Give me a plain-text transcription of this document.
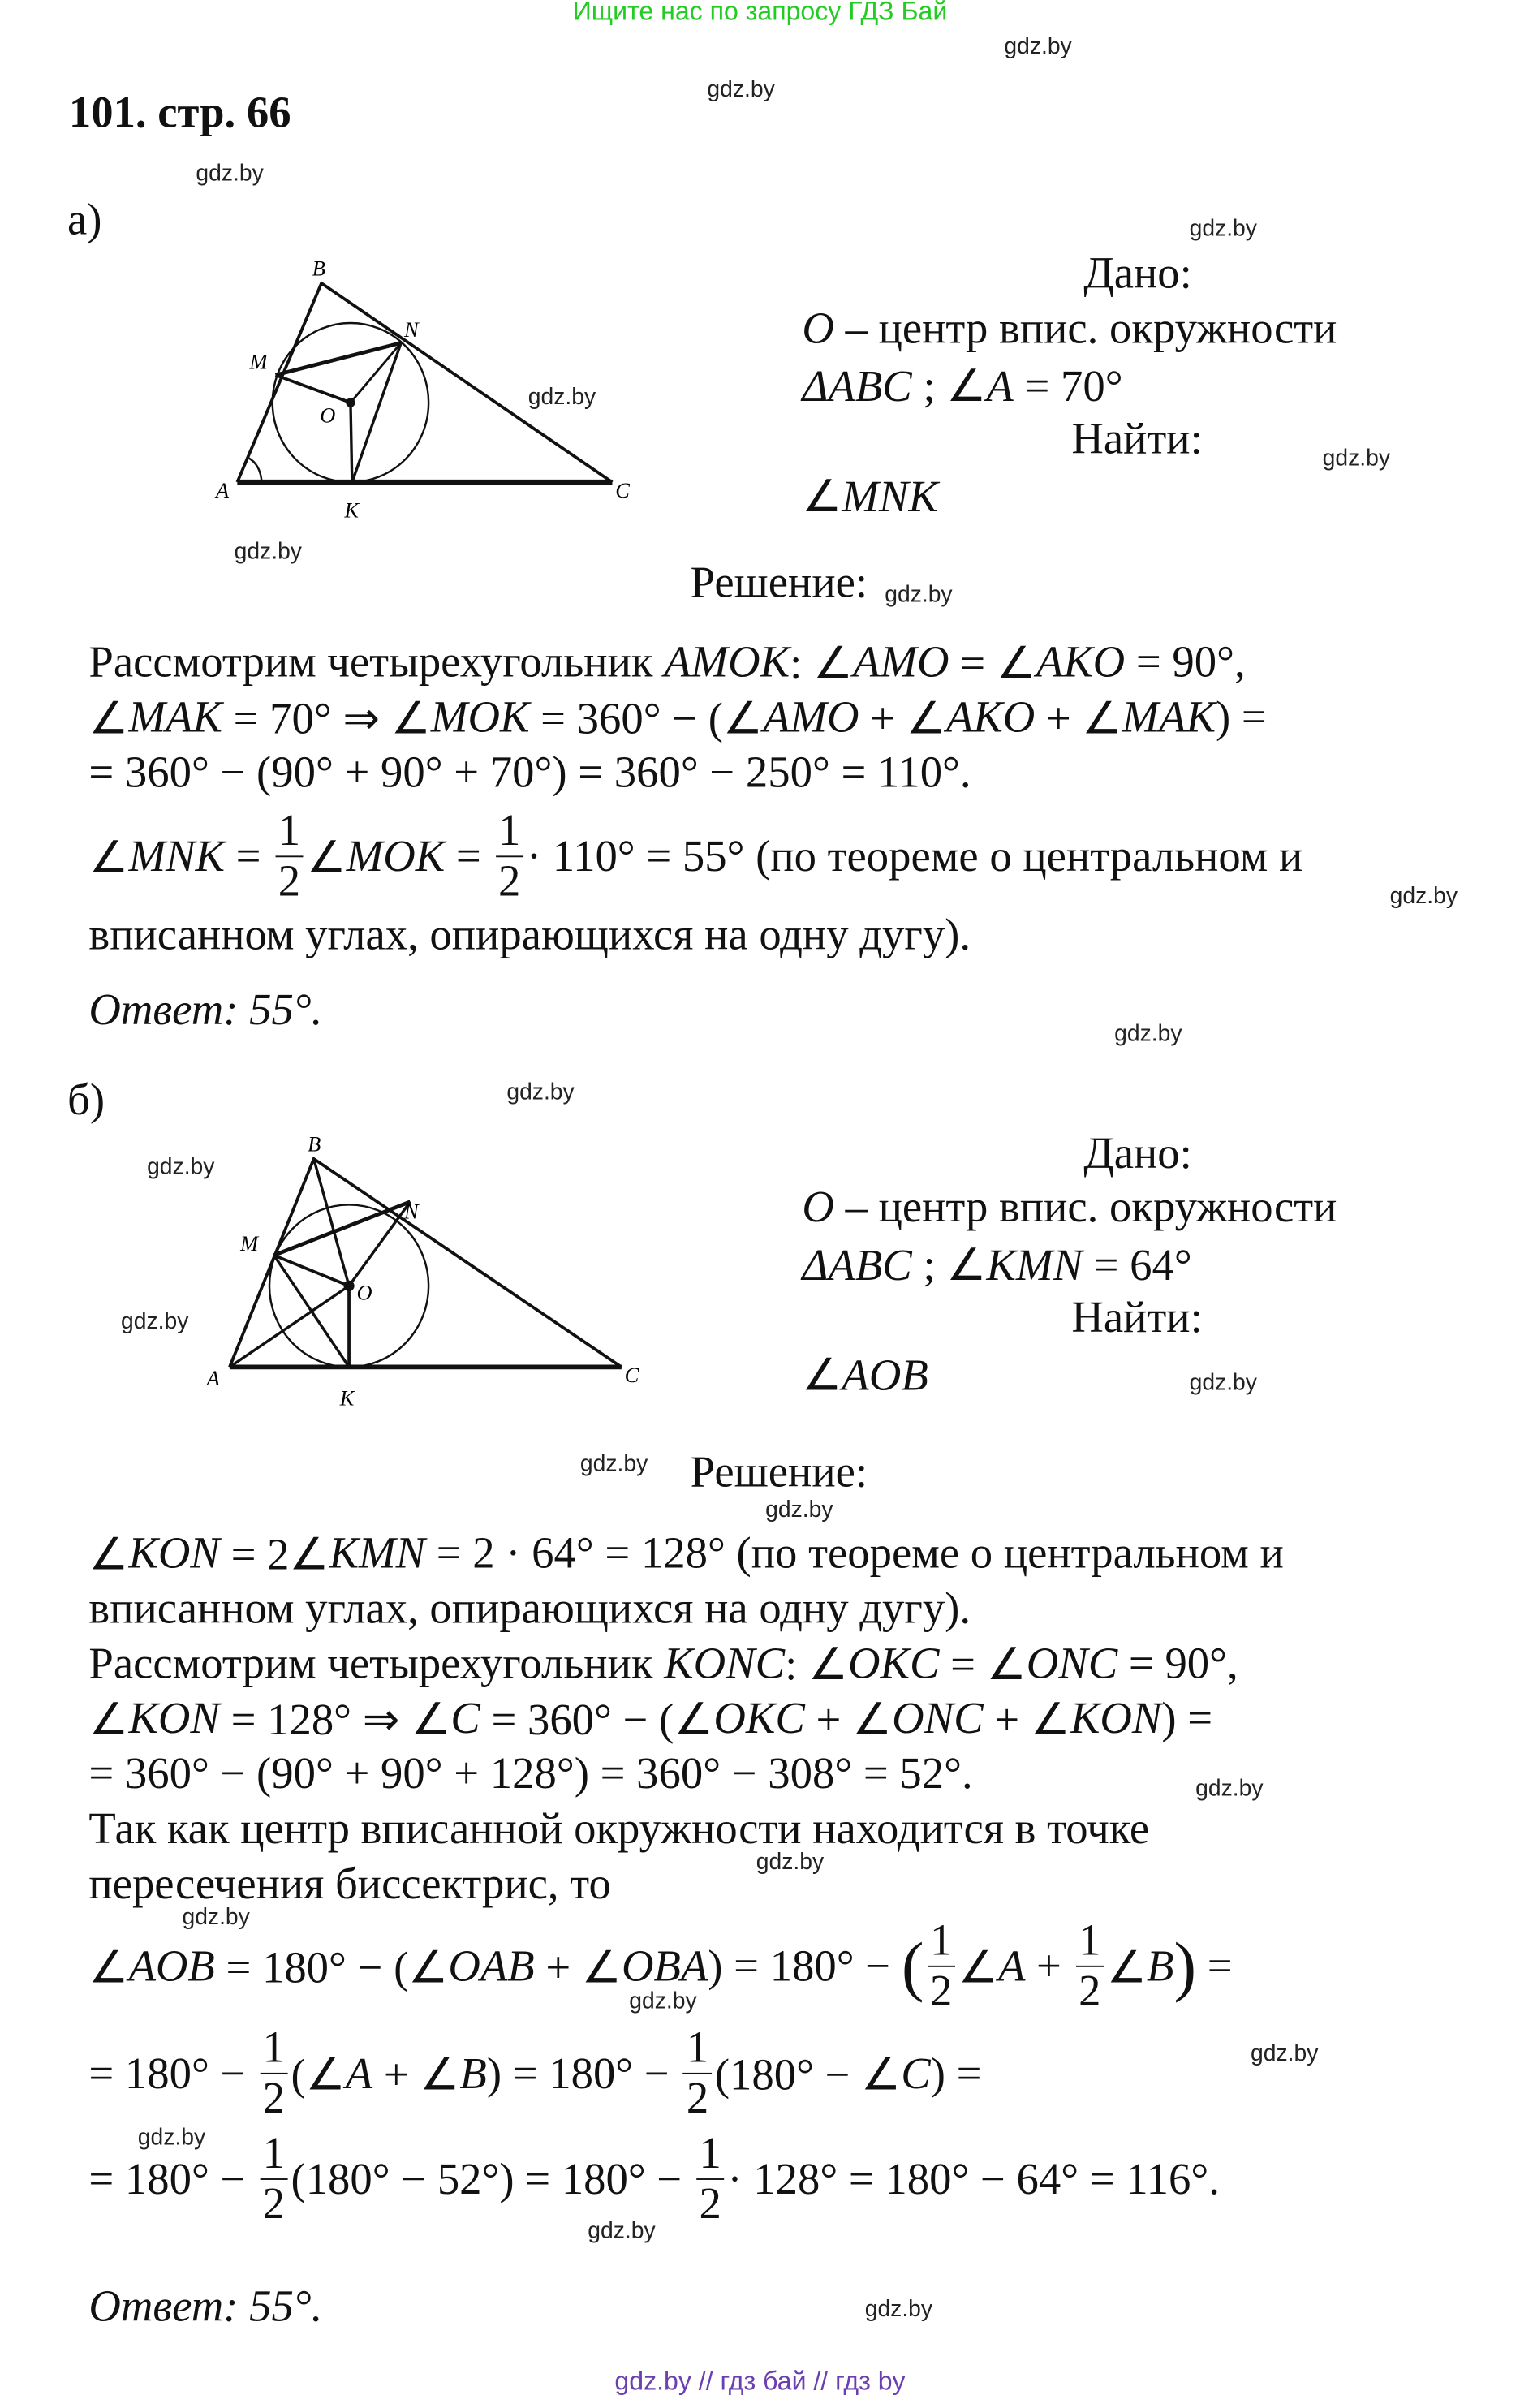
Ищите нас по запросу ГДЗ Бай
gdz.by
gdz.by
gdz.by
gdz.by
gdz.by
gdz.by
gdz.by
gdz.by
gdz.by
gdz.by
gdz.by
gdz.by
gdz.by
gdz.by
gdz.by
gdz.by
gdz.by
gdz.by
gdz.by
gdz.by
gdz.by
gdz.by
gdz.by
gdz.by
101. стр. 66
а)
A
B
C
M
N
O
K
Дано:
O – центр впис. окружности
ΔABC ; ∠A = 70°
Найти:
∠MNK
Решение:
Рассмотрим четырехугольник AMOK : ∠ AMO = ∠ AKO = 90°,
∠ MAK = 70° ⇒ ∠ MOK = 360° − (∠ AMO + ∠ AKO + ∠ MAK ) =
= 360° − (90° + 90° + 70°) = 360° − 250° = 110°.
∠ MNK = $\frac{1}{2}$ ∠ MOK = $\frac{1}{2} \cdot 110^\circ = 55^\circ$ (по теореме о центральном и
вписанном углах, опирающихся на одну дугу).
Ответ: 55°.
б)
A
B
C
M
N
O
K
Дано:
O – центр впис. окружности
ΔABC ; ∠KMN = 64°
Найти:
∠AOB
Решение:
∠ KON = 2∠ KMN = 2 · 64° = 128° (по теореме о центральном и
вписанном углах, опирающихся на одну дугу).
Рассмотрим четырехугольник KONC : ∠ OKC = ∠ ONC = 90°,
∠ KON = 128° ⇒ ∠ C = 360° − (∠ OKC + ∠ ONC + ∠ KON ) =
= 360° − (90° + 90° + 128°) = 360° − 308° = 52°.
Так как центр вписанной окружности находится в точке
пересечения биссектрис, то
∠ AOB = 180° − (∠ OAB + ∠ OBA ) = 180° − ( $\frac{1}{2}$ ∠ $A + \frac{1}{2}$ ∠ B ) =
= $180^\circ - \frac{1}{2}$ (∠ A + ∠ B ) = $180^\circ - \frac{1}{2} (180^\circ$ − ∠ C ) =
= $180^\circ - \frac{1}{2} (180^\circ - 52^\circ) = 180^\circ - \frac{1}{2} \cdot 128^\circ = 180^\circ - 64^\circ = 116^\circ$.
Ответ: 55°.
gdz.by // гдз бай // гдз by
